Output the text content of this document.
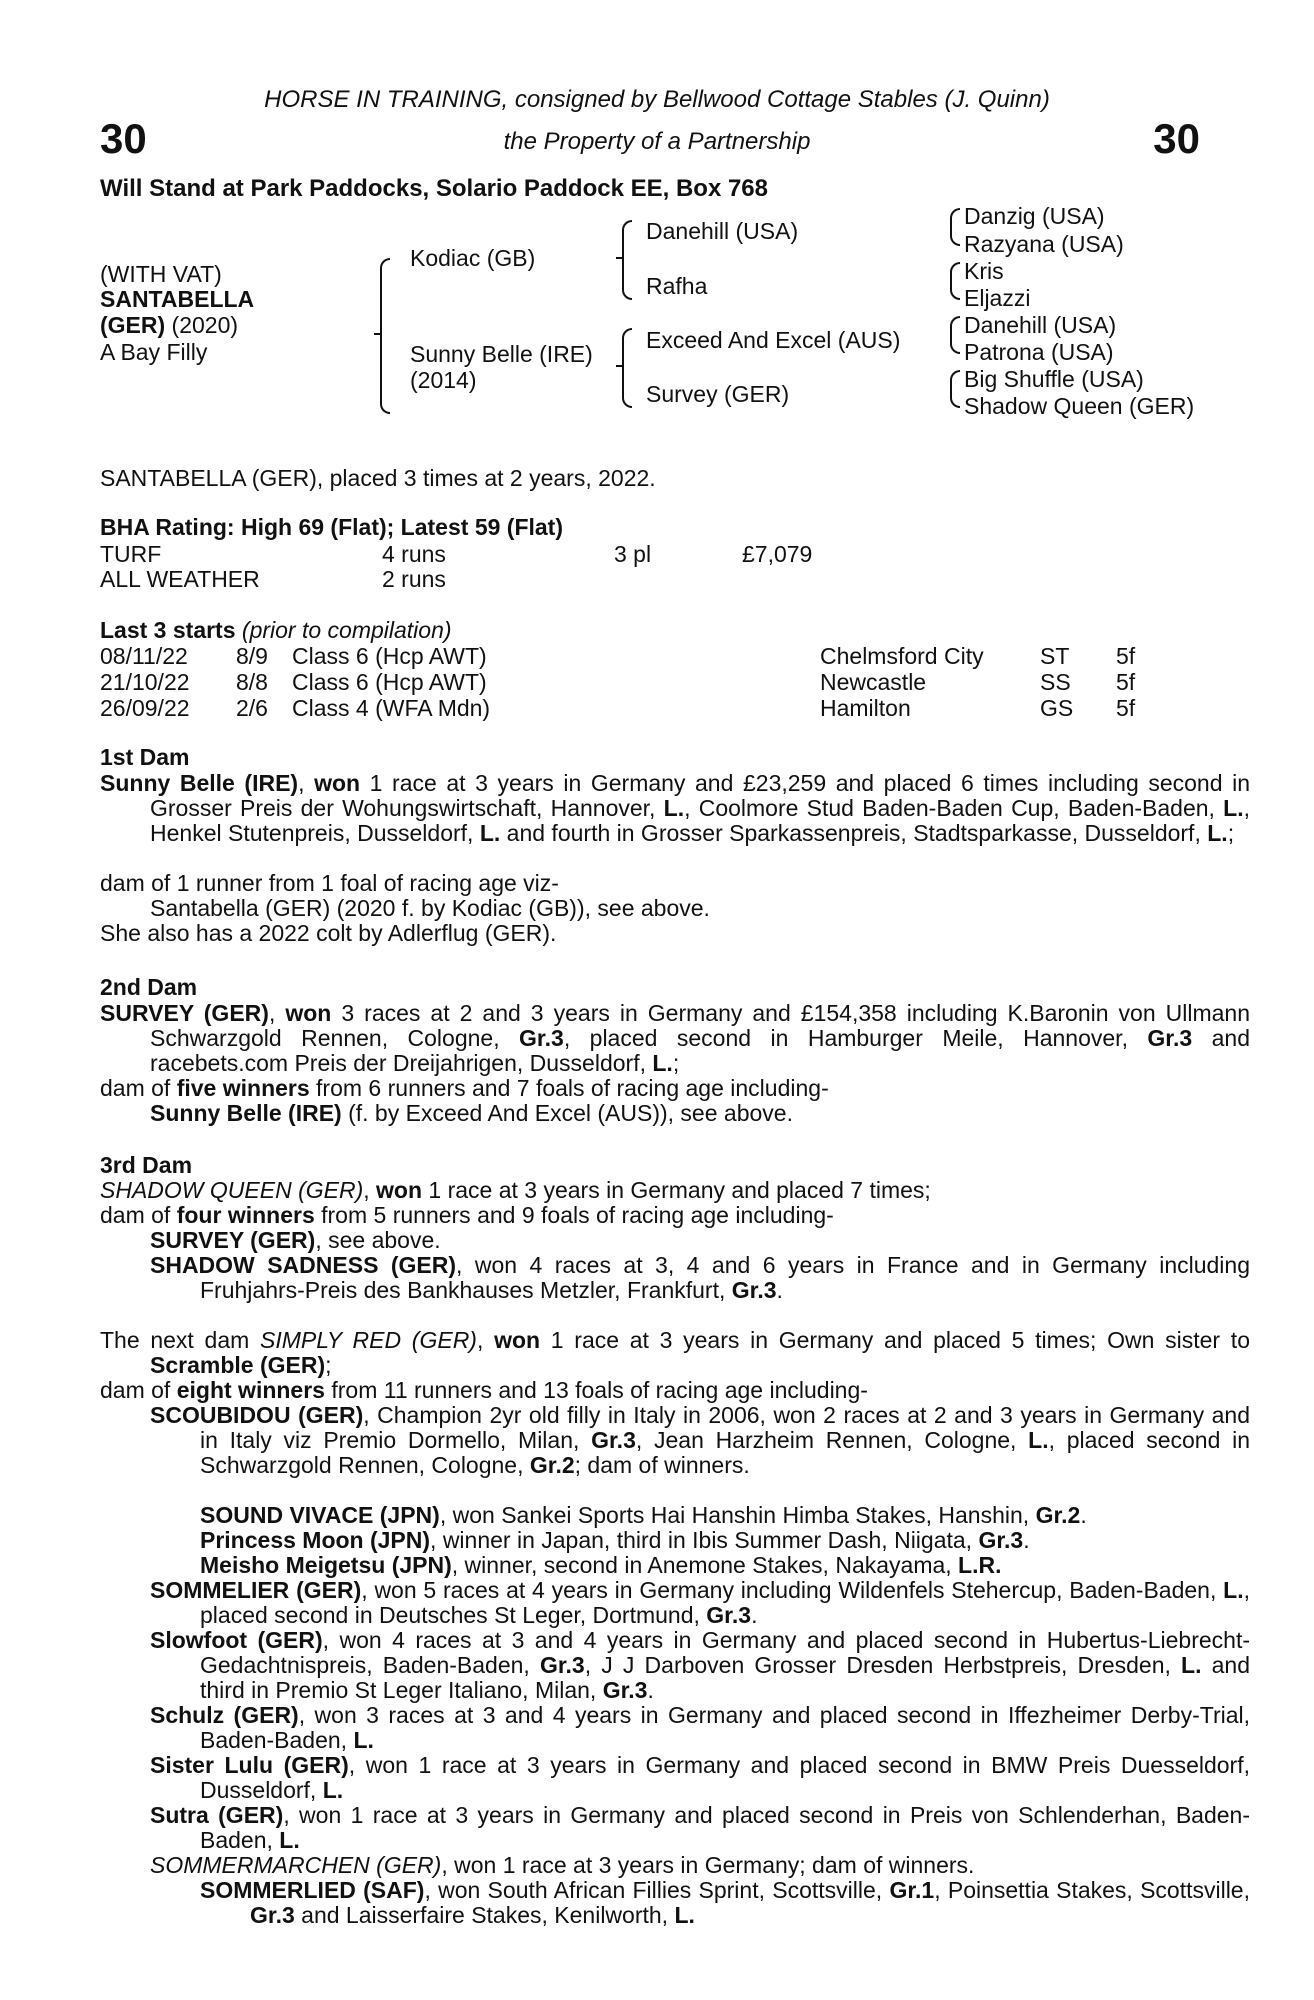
30	30
HORSE IN TRAINING, consigned by Bellwood Cottage Stables (J. Quinn)
the Property of a Partnership
Will Stand at Park Paddocks, Solario Paddock EE, Box 768
(WITH VAT)
SANTABELLA
(GER) (2020)
A Bay Filly
Kodiac (GB)
Sunny Belle (IRE)
(2014)
Danehill (USA)
Rafha
Exceed And Excel (AUS)
Survey (GER)
Danzig (USA)
Razyana (USA)
Kris
Eljazzi
Danehill (USA)
Patrona (USA)
Big Shuffle (USA)
Shadow Queen (GER)
SANTABELLA (GER), placed 3 times at 2 years, 2022.
BHA Rating: High 69 (Flat); Latest 59 (Flat)
TURF	4 runs	3 pl	£7,079
ALL WEATHER	2 runs
Last 3 starts (prior to compilation)
08/11/22 8/9 Class 6 (Hcp AWT)	Chelmsford City ST 5f
21/10/22 8/8 Class 6 (Hcp AWT)	Newcastle	SS 5f
26/09/22 2/6 Class 4 (WFA Mdn)	Hamilton	GS 5f
1st Dam
Sunny Belle (IRE), won 1 race at 3 years in Germany and £23,259 and placed 6 times including second in Grosser Preis der Wohungswirtschaft, Hannover, L., Coolmore Stud Baden-Baden Cup, Baden-Baden, L., Henkel Stutenpreis, Dusseldorf, L. and fourth in Grosser Sparkassenpreis, Stadtsparkasse, Dusseldorf, L.;
dam of 1 runner from 1 foal of racing age viz-
Santabella (GER) (2020 f. by Kodiac (GB)), see above.
She also has a 2022 colt by Adlerflug (GER).
2nd Dam
SURVEY (GER), won 3 races at 2 and 3 years in Germany and £154,358 including K.Baronin von Ullmann Schwarzgold Rennen, Cologne, Gr.3, placed second in Hamburger Meile, Hannover, Gr.3 and racebets.com Preis der Dreijahrigen, Dusseldorf, L.;
dam of five winners from 6 runners and 7 foals of racing age including-
Sunny Belle (IRE) (f. by Exceed And Excel (AUS)), see above.
3rd Dam
SHADOW QUEEN (GER), won 1 race at 3 years in Germany and placed 7 times;
dam of four winners from 5 runners and 9 foals of racing age including-
SURVEY (GER), see above.
SHADOW SADNESS (GER), won 4 races at 3, 4 and 6 years in France and in Germany including Fruhjahrs-Preis des Bankhauses Metzler, Frankfurt, Gr.3.
The next dam SIMPLY RED (GER), won 1 race at 3 years in Germany and placed 5 times; Own sister to Scramble (GER);
dam of eight winners from 11 runners and 13 foals of racing age including-
SCOUBIDOU (GER), Champion 2yr old filly in Italy in 2006, won 2 races at 2 and 3 years in Germany and in Italy viz Premio Dormello, Milan, Gr.3, Jean Harzheim Rennen, Cologne, L., placed second in Schwarzgold Rennen, Cologne, Gr.2; dam of winners.
SOUND VIVACE (JPN), won Sankei Sports Hai Hanshin Himba Stakes, Hanshin, Gr.2.
Princess Moon (JPN), winner in Japan, third in Ibis Summer Dash, Niigata, Gr.3.
Meisho Meigetsu (JPN), winner, second in Anemone Stakes, Nakayama, L.R.
SOMMELIER (GER), won 5 races at 4 years in Germany including Wildenfels Stehercup, Baden-Baden, L., placed second in Deutsches St Leger, Dortmund, Gr.3.
Slowfoot (GER), won 4 races at 3 and 4 years in Germany and placed second in Hubertus-Liebrecht-Gedachtnispreis, Baden-Baden, Gr.3, J J Darboven Grosser Dresden Herbstpreis, Dresden, L. and third in Premio St Leger Italiano, Milan, Gr.3.
Schulz (GER), won 3 races at 3 and 4 years in Germany and placed second in Iffezheimer Derby-Trial, Baden-Baden, L.
Sister Lulu (GER), won 1 race at 3 years in Germany and placed second in BMW Preis Duesseldorf, Dusseldorf, L.
Sutra (GER), won 1 race at 3 years in Germany and placed second in Preis von Schlenderhan, Baden-Baden, L.
SOMMERMARCHEN (GER), won 1 race at 3 years in Germany; dam of winners.
SOMMERLIED (SAF), won South African Fillies Sprint, Scottsville, Gr.1, Poinsettia Stakes, Scottsville, Gr.3 and Laisserfaire Stakes, Kenilworth, L.
